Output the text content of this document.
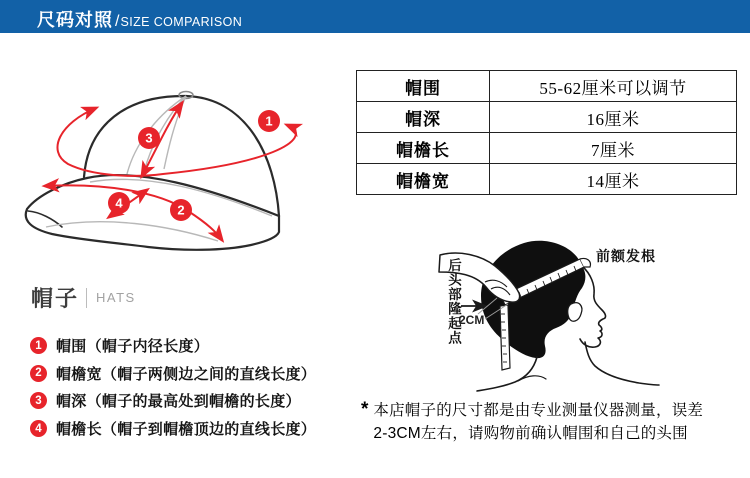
尺码对照 / SIZE COMPARISON
1
2
3
4
帽围	55-62厘米可以调节
帽深	16厘米
帽檐长	7厘米
帽檐宽	14厘米
帽子 HATS
1 帽围（帽子内径长度）
2 帽檐宽（帽子两侧边之间的直线长度）
3 帽深（帽子的最高处到帽檐的长度）
4 帽檐长（帽子到帽檐顶边的直线长度）
前额发根
后头部隆起点
2CM
* 本店帽子的尺寸都是由专业测量仪器测量，误差
2-3CM左右，请购物前确认帽围和自己的头围
